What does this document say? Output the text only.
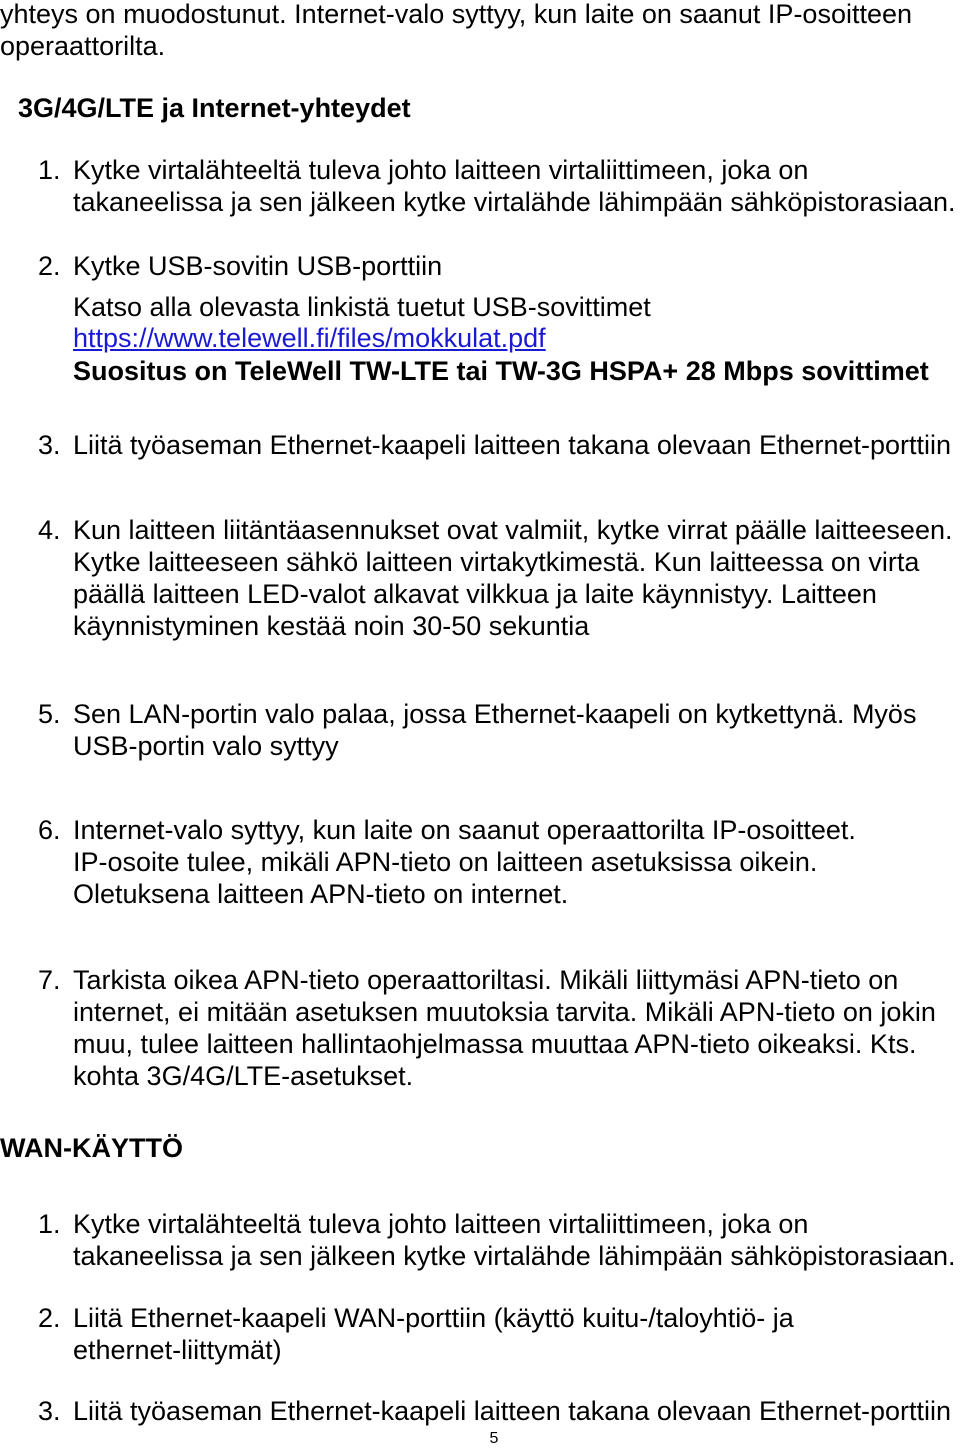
yhteys on muodostunut. Internet-valo syttyy, kun laite on saanut IP-osoitteen
operaattorilta.
3G/4G/LTE ja Internet-yhteydet
1. Kytke virtalähteeltä tuleva johto laitteen virtaliittimeen, joka on
takaneelissa ja sen jälkeen kytke virtalähde lähimpään sähköpistorasiaan.
2. Kytke USB-sovitin USB-porttiin
Katso alla olevasta linkistä tuetut USB-sovittimet
https://www.telewell.fi/files/mokkulat.pdf
Suositus on TeleWell TW-LTE tai TW-3G HSPA+ 28 Mbps sovittimet
3. Liitä työaseman Ethernet-kaapeli laitteen takana olevaan Ethernet-porttiin
4. Kun laitteen liitäntäasennukset ovat valmiit, kytke virrat päälle laitteeseen.
Kytke laitteeseen sähkö laitteen virtakytkimestä. Kun laitteessa on virta
päällä laitteen LED-valot alkavat vilkkua ja laite käynnistyy. Laitteen
käynnistyminen kestää noin 30-50 sekuntia
5. Sen LAN-portin valo palaa, jossa Ethernet-kaapeli on kytkettynä. Myös
USB-portin valo syttyy
6. Internet-valo syttyy, kun laite on saanut operaattorilta IP-osoitteet.
IP-osoite tulee, mikäli APN-tieto on laitteen asetuksissa oikein.
Oletuksena laitteen APN-tieto on internet.
7. Tarkista oikea APN-tieto operaattoriltasi. Mikäli liittymäsi APN-tieto on
internet, ei mitään asetuksen muutoksia tarvita. Mikäli APN-tieto on jokin
muu, tulee laitteen hallintaohjelmassa muuttaa APN-tieto oikeaksi. Kts.
kohta 3G/4G/LTE-asetukset.
WAN-KÄYTTÖ
1. Kytke virtalähteeltä tuleva johto laitteen virtaliittimeen, joka on
takaneelissa ja sen jälkeen kytke virtalähde lähimpään sähköpistorasiaan.
2. Liitä Ethernet-kaapeli WAN-porttiin (käyttö kuitu-/taloyhtiö- ja
ethernet-liittymät)
3. Liitä työaseman Ethernet-kaapeli laitteen takana olevaan Ethernet-porttiin
5
